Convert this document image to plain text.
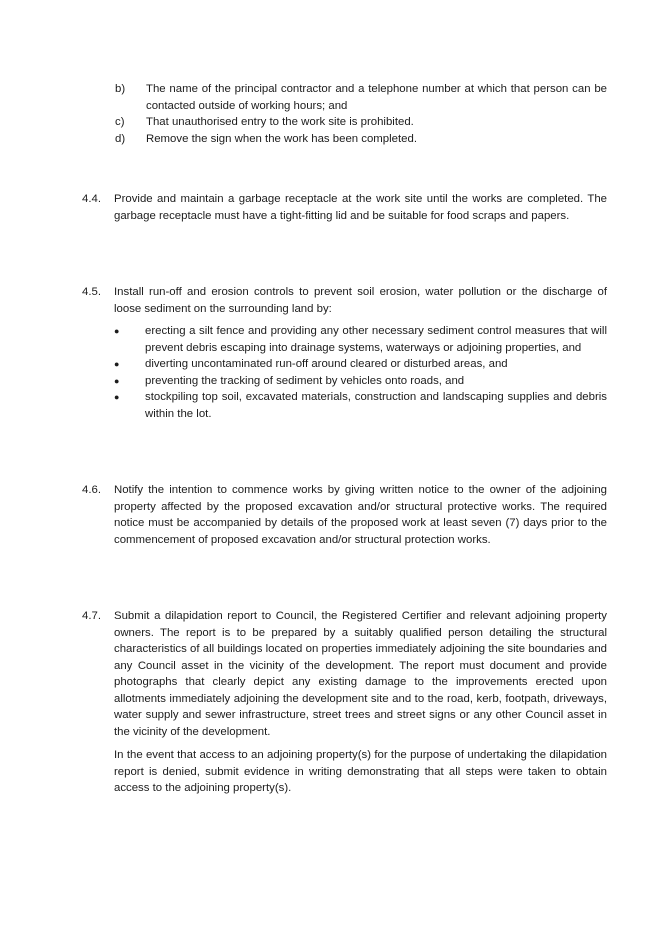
b)	The name of the principal contractor and a telephone number at which that person can be contacted outside of working hours; and
c)	That unauthorised entry to the work site is prohibited.
d)	Remove the sign when the work has been completed.
4.4.	Provide and maintain a garbage receptacle at the work site until the works are completed. The garbage receptacle must have a tight-fitting lid and be suitable for food scraps and papers.

4.5.	Install run-off and erosion controls to prevent soil erosion, water pollution or the discharge of loose sediment on the surrounding land by:

●	erecting a silt fence and providing any other necessary sediment control measures that will prevent debris escaping into drainage systems, waterways or adjoining properties, and
●	diverting uncontaminated run-off around cleared or disturbed areas, and
●	preventing the tracking of sediment by vehicles onto roads, and
●	stockpiling top soil, excavated materials, construction and landscaping supplies and debris within the lot.
4.6.	Notify the intention to commence works by giving written notice to the owner of the adjoining property affected by the proposed excavation and/or structural protective works. The required notice must be accompanied by details of the proposed work at least seven (7) days prior to the commencement of proposed excavation and/or structural protection works.

4.7.	Submit a dilapidation report to Council, the Registered Certifier and relevant adjoining property owners. The report is to be prepared by a suitably qualified person detailing the structural characteristics of all buildings located on properties immediately adjoining the site boundaries and any Council asset in the vicinity of the development. The report must document and provide photographs that clearly depict any existing damage to the improvements erected upon allotments immediately adjoining the development site and to the road, kerb, footpath, driveways, water supply and sewer infrastructure, street trees and street signs or any other Council asset in the vicinity of the development.

In the event that access to an adjoining property(s) for the purpose of undertaking the dilapidation report is denied, submit evidence in writing demonstrating that all steps were taken to obtain access to the adjoining property(s).
